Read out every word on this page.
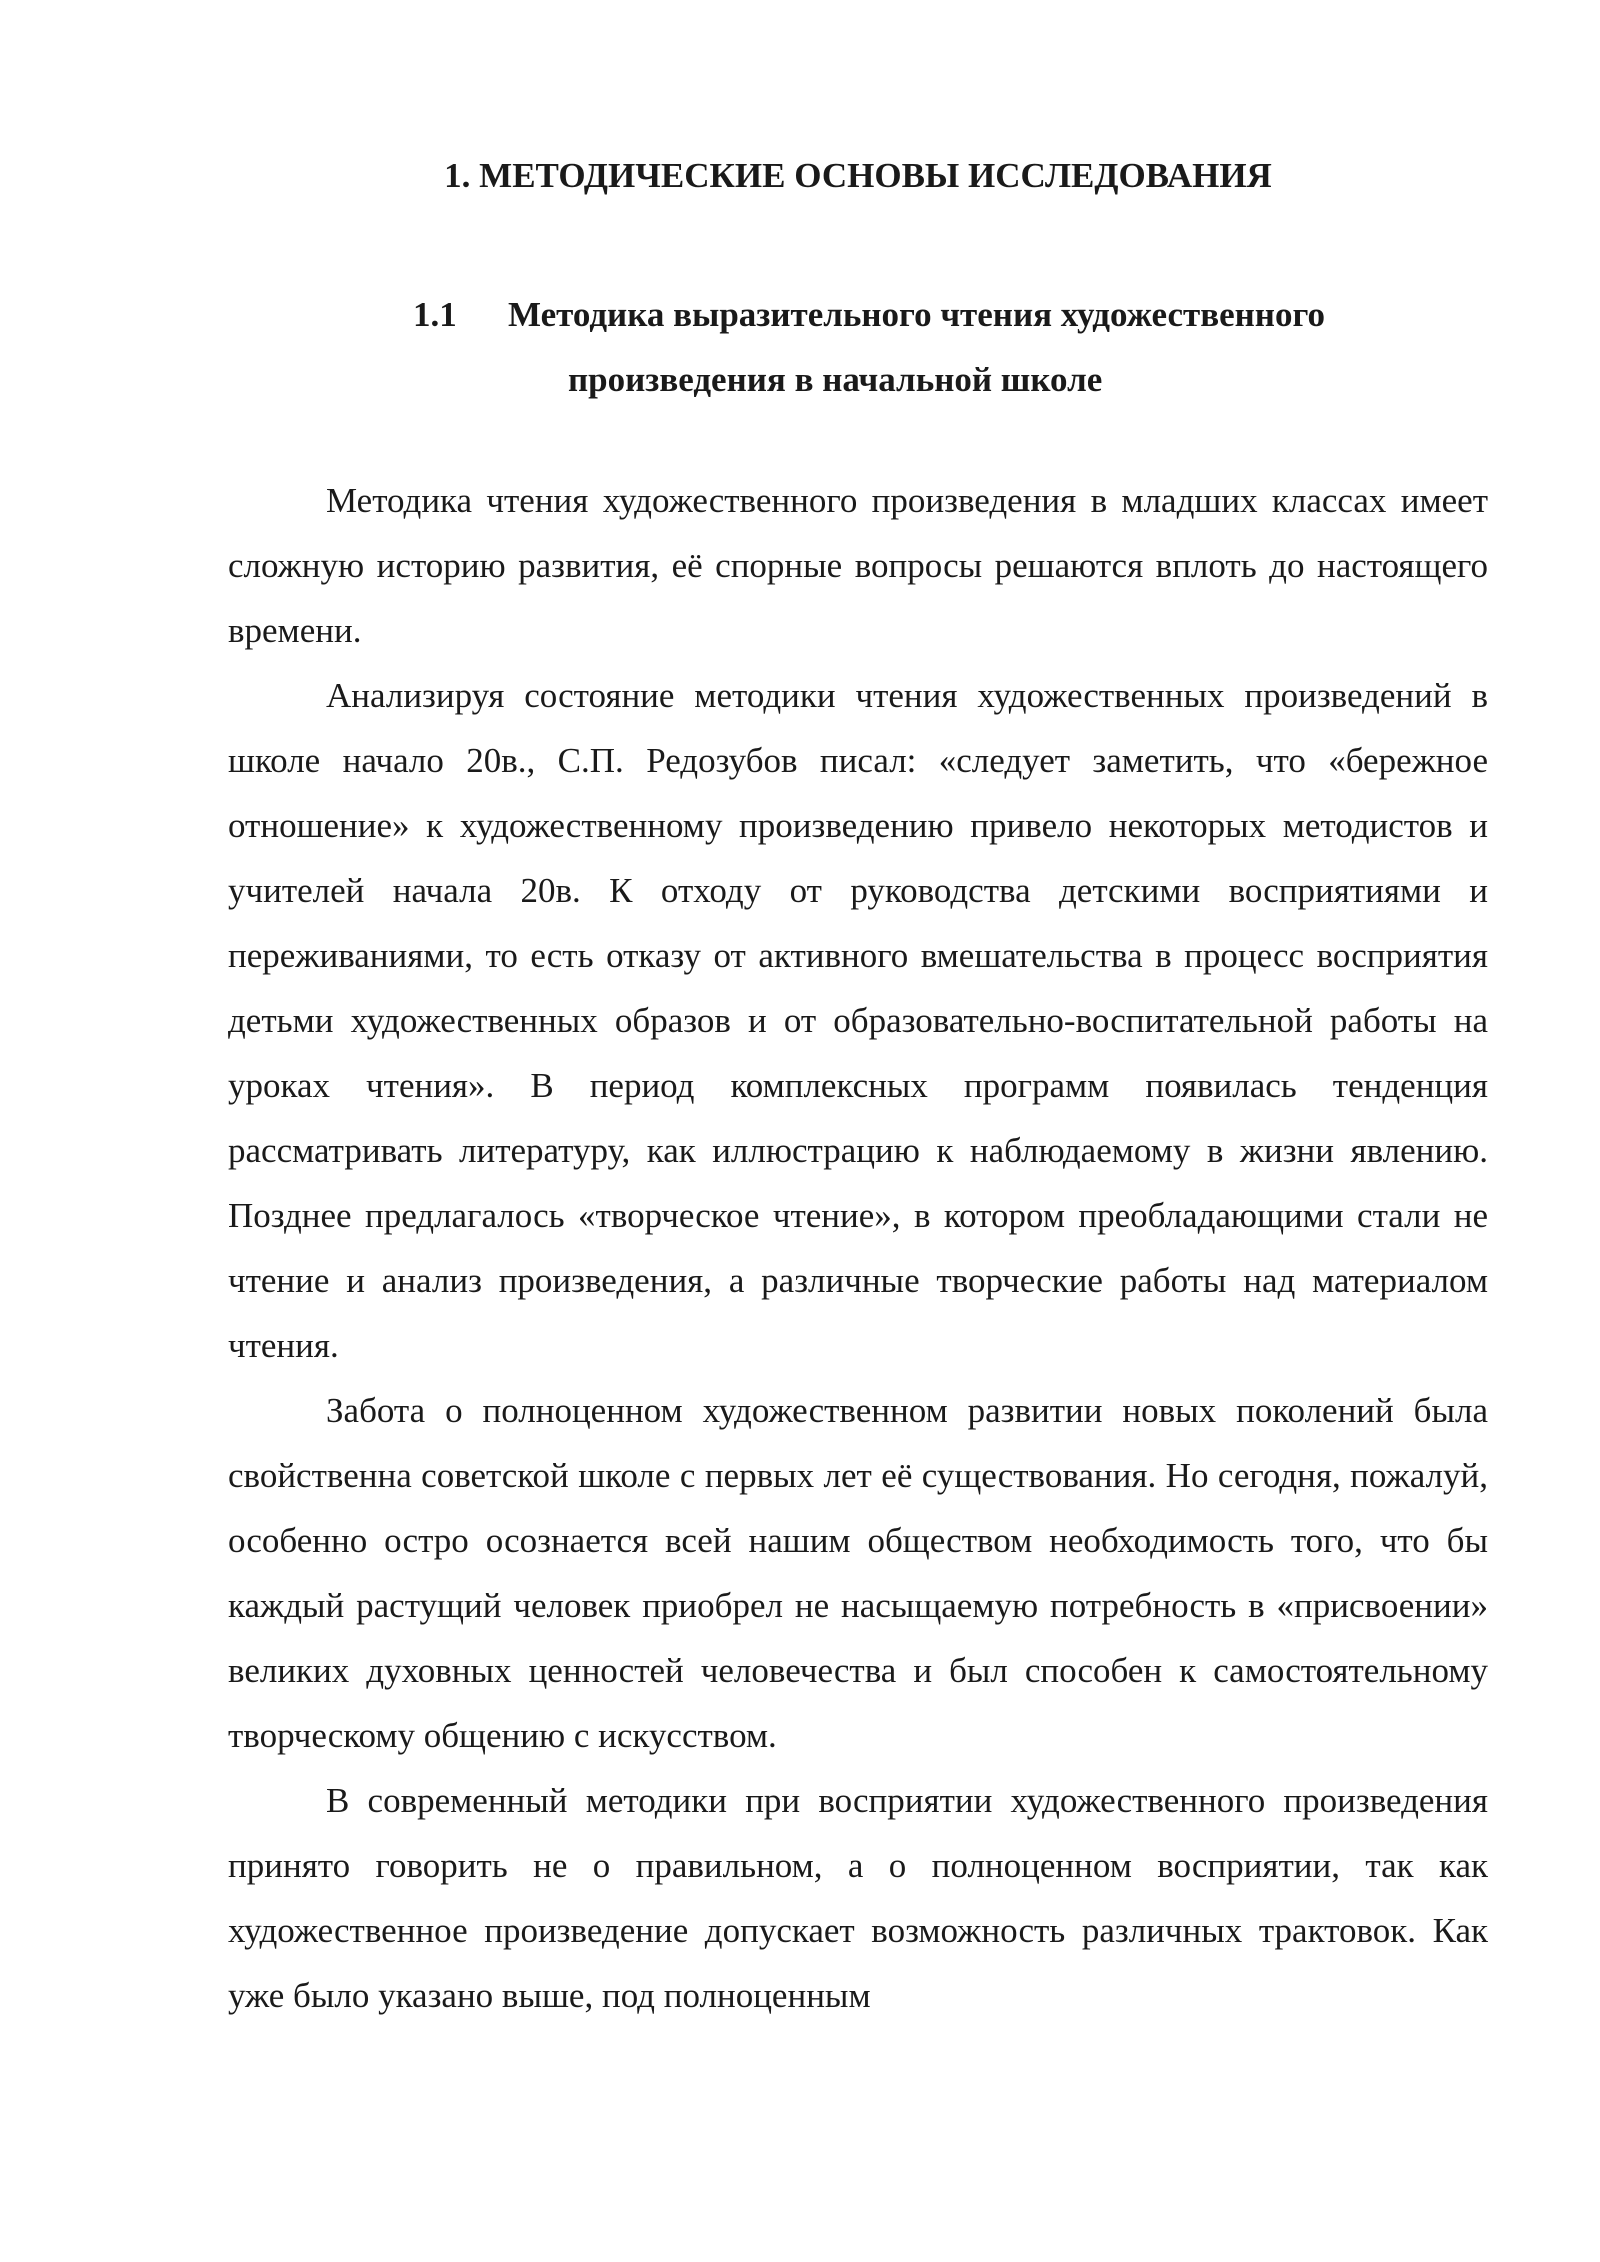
1. МЕТОДИЧЕСКИЕ ОСНОВЫ ИССЛЕДОВАНИЯ
1.1 Методика выразительного чтения художественного
произведения в начальной школе

Методика чтения художественного произведения в младших классах имеет сложную историю развития, её спорные вопросы решаются вплоть до настоящего времени.

Анализируя состояние методики чтения художественных произведений в школе начало 20в., С.П. Редозубов писал: «следует заметить, что «бережное отношение» к художественному произведению привело некоторых методистов и учителей начала 20в. К отходу от руководства детскими восприятиями и переживаниями, то есть отказу от активного вмешательства в процесс восприятия детьми художественных образов и от образовательно-воспитательной работы на уроках чтения». В период комплексных программ появилась тенденция рассматривать литературу, как иллюстрацию к наблюдаемому в жизни явлению. Позднее предлагалось «творческое чтение», в котором преобладающими стали не чтение и анализ произведения, а различные творческие работы над материалом чтения.

Забота о полноценном художественном развитии новых поколений была свойственна советской школе с первых лет её существования. Но сегодня, пожалуй, особенно остро осознается всей нашим обществом необходимость того, что бы каждый растущий человек приобрел не насыщаемую потребность в «присвоении» великих духовных ценностей человечества и был способен к самостоятельному творческому общению с искусством.

В современный методики при восприятии художественного произведения принято говорить не о правильном, а о полноценном восприятии, так как художественное произведение допускает возможность различных трактовок. Как уже было указано выше, под полноценным
